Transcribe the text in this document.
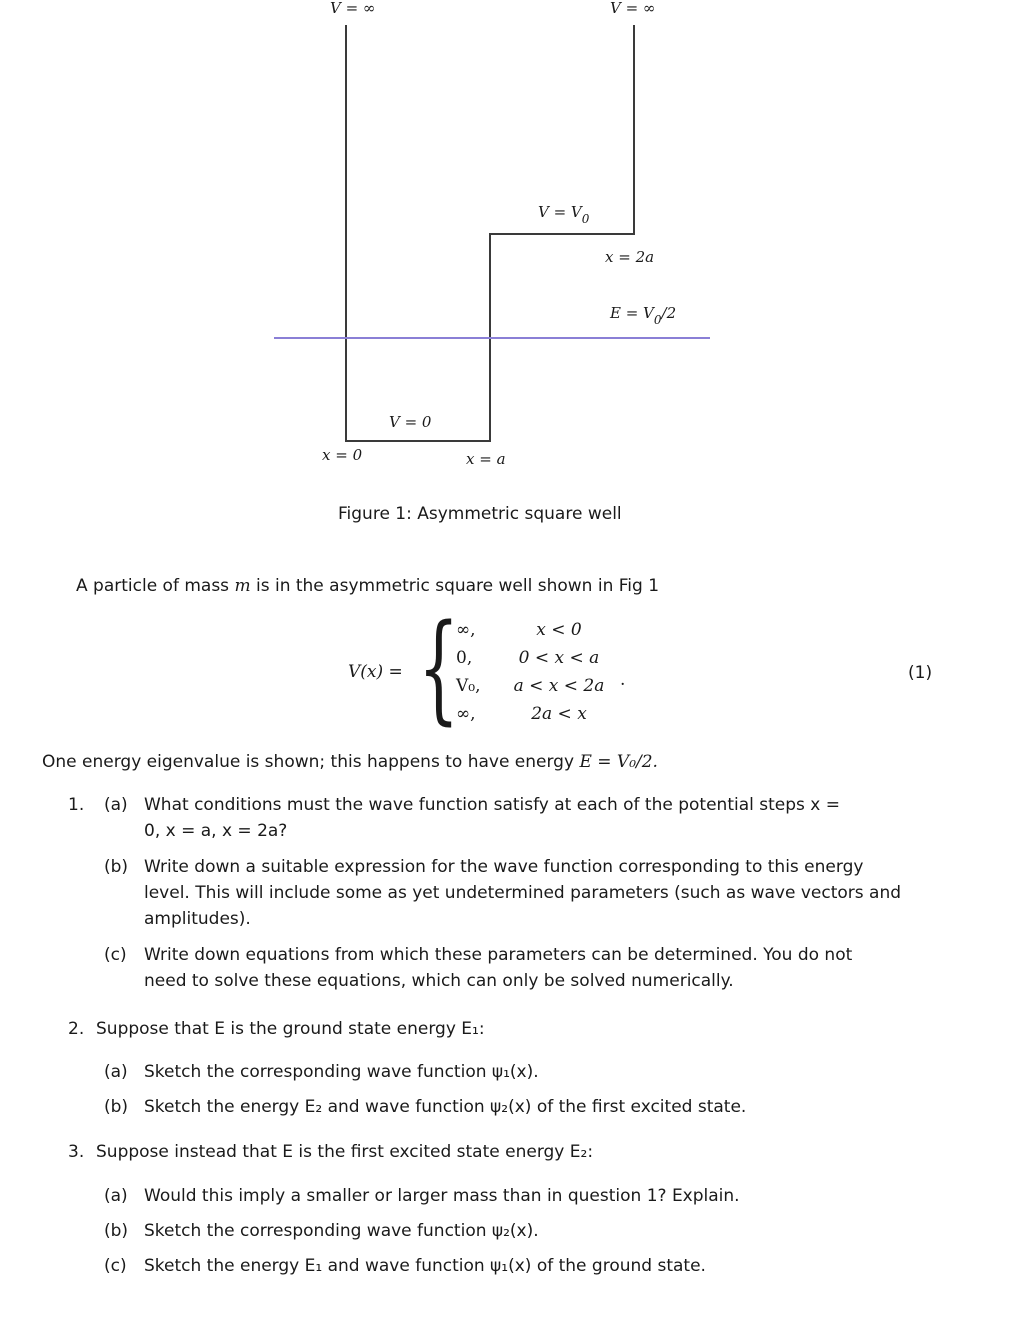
V = ∞	V = ∞
$V = V_0$
x = 2a
$E = V_0/2$
V = 0
x = 0	x = a
Figure 1: Asymmetric square well
A particle of mass m is in the asymmetric square well shown in Fig 1
V(x) = {
∞,	x < 0
0,	0 < x < a
V₀,	a < x < 2a
∞,	2a < x
.	(1)
One energy eigenvalue is shown; this happens to have energy E = V₀/2.
1. (a) What conditions must the wave function satisfy at each of the potential steps x =
0, x = a, x = 2a?
(b) Write down a suitable expression for the wave function corresponding to this energy
level. This will include some as yet undetermined parameters (such as wave vectors and
amplitudes).
(c) Write down equations from which these parameters can be determined. You do not
need to solve these equations, which can only be solved numerically.
2. Suppose that E is the ground state energy E₁:
(a) Sketch the corresponding wave function ψ₁(x).
(b) Sketch the energy E₂ and wave function ψ₂(x) of the first excited state.
3. Suppose instead that E is the first excited state energy E₂:
(a) Would this imply a smaller or larger mass than in question 1? Explain.
(b) Sketch the corresponding wave function ψ₂(x).
(c) Sketch the energy E₁ and wave function ψ₁(x) of the ground state.
